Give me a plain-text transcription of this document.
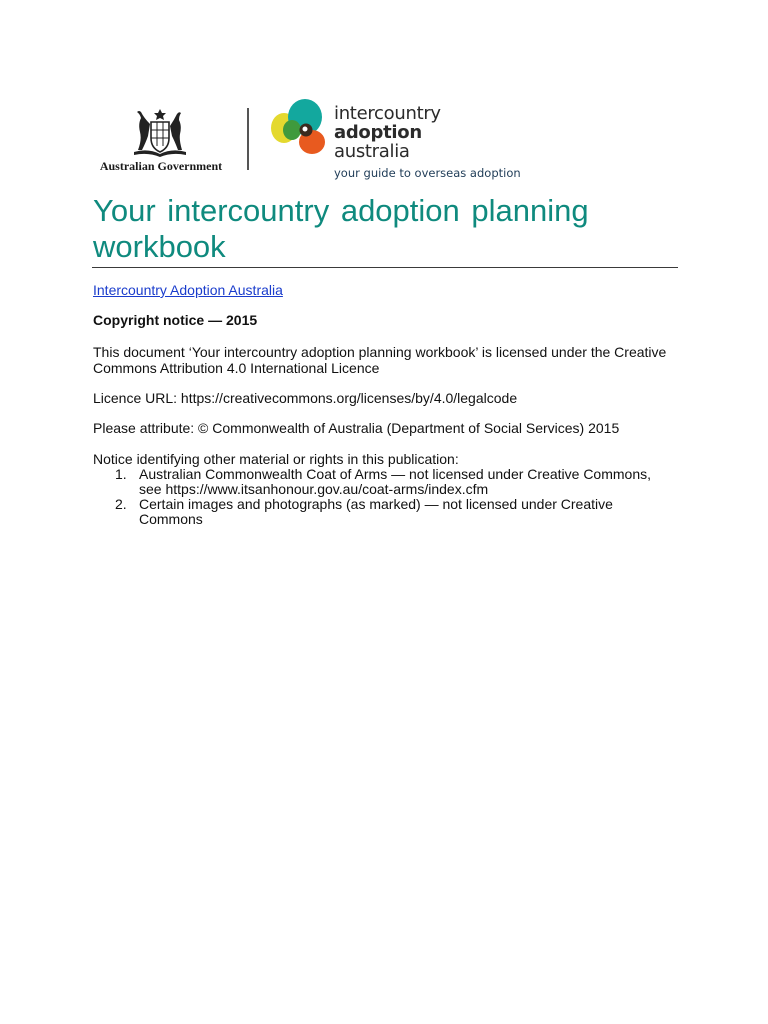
Australian Government
intercountry
adoption
australia
your guide to overseas adoption
Your intercountry adoption planning workbook
Intercountry Adoption Australia
Copyright notice — 2015

This document ‘Your intercountry adoption planning workbook’ is licensed under the Creative Commons Attribution 4.0 International Licence

Licence URL: https://creativecommons.org/licenses/by/4.0/legalcode

Please attribute: © Commonwealth of Australia (Department of Social Services) 2015

Notice identifying other material or rights in this publication:

1. Australian Commonwealth Coat of Arms — not licensed under Creative Commons, see https://www.itsanhonour.gov.au/coat-arms/index.cfm
2. Certain images and photographs (as marked) — not licensed under Creative Commons
